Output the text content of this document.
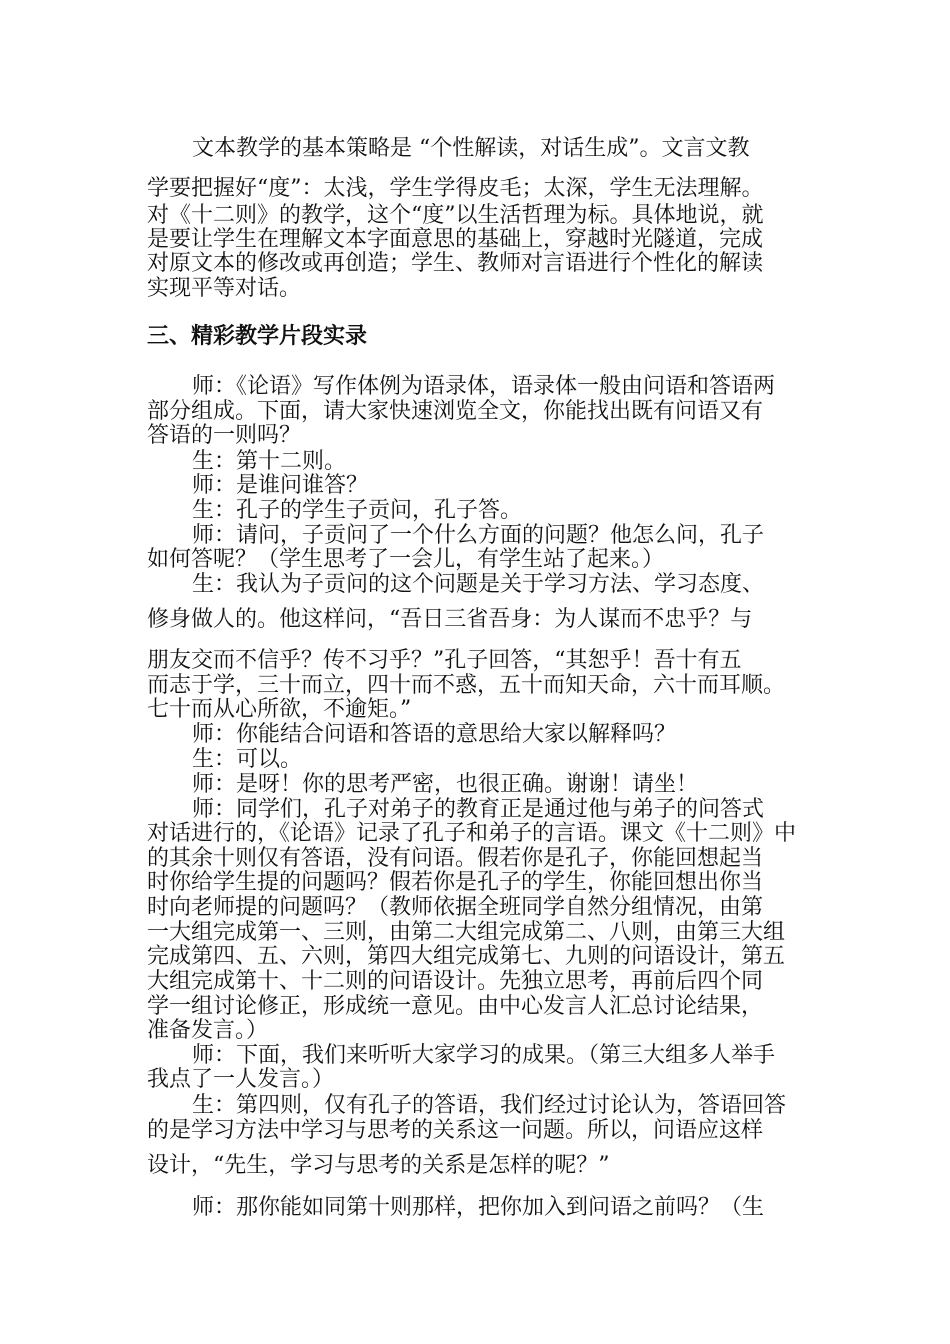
文本教学的基本策略是 “个性解读，对话生成”。文言文教
学要把握好“度”：太浅，学生学得皮毛；太深，学生无法理解。
对《十二则》的教学，这个“度”以生活哲理为标。具体地说，就
是要让学生在理解文本字面意思的基础上，穿越时光隧道，完成
对原文本的修改或再创造；学生、教师对言语进行个性化的解读
实现平等对话。
三、精彩教学片段实录
师：《论语》写作体例为语录体，语录体一般由问语和答语两
部分组成。下面，请大家快速浏览全文，你能找出既有问语又有
答语的一则吗？
生：第十二则。
师：是谁问谁答？
生：孔子的学生子贡问，孔子答。
师：请问，子贡问了一个什么方面的问题？他怎么问，孔子
如何答呢？（学生思考了一会儿，有学生站了起来。）
生：我认为子贡问的这个问题是关于学习方法、学习态度、
修身做人的。他这样问，“吾日三省吾身：为人谋而不忠乎？与
朋友交而不信乎？传不习乎？”孔子回答，“其恕乎！吾十有五
而志于学，三十而立，四十而不惑，五十而知天命，六十而耳顺。
七十而从心所欲，不逾矩。”
师：你能结合问语和答语的意思给大家以解释吗？
生：可以。
师：是呀！你的思考严密，也很正确。谢谢！请坐！
师：同学们，孔子对弟子的教育正是通过他与弟子的问答式
对话进行的，《论语》记录了孔子和弟子的言语。课文《十二则》中
的其余十则仅有答语，没有问语。假若你是孔子，你能回想起当
时你给学生提的问题吗？假若你是孔子的学生，你能回想出你当
时向老师提的问题吗？（教师依据全班同学自然分组情况，由第
一大组完成第一、三则，由第二大组完成第二、八则，由第三大组
完成第四、五、六则，第四大组完成第七、九则的问语设计，第五
大组完成第十、十二则的问语设计。先独立思考，再前后四个同
学一组讨论修正，形成统一意见。由中心发言人汇总讨论结果，
准备发言。）
师：下面，我们来听听大家学习的成果。（第三大组多人举手
我点了一人发言。）
生：第四则，仅有孔子的答语，我们经过讨论认为，答语回答
的是学习方法中学习与思考的关系这一问题。所以，问语应这样
设计，“先生，学习与思考的关系是怎样的呢？”
师：那你能如同第十则那样，把你加入到问语之前吗？（生
